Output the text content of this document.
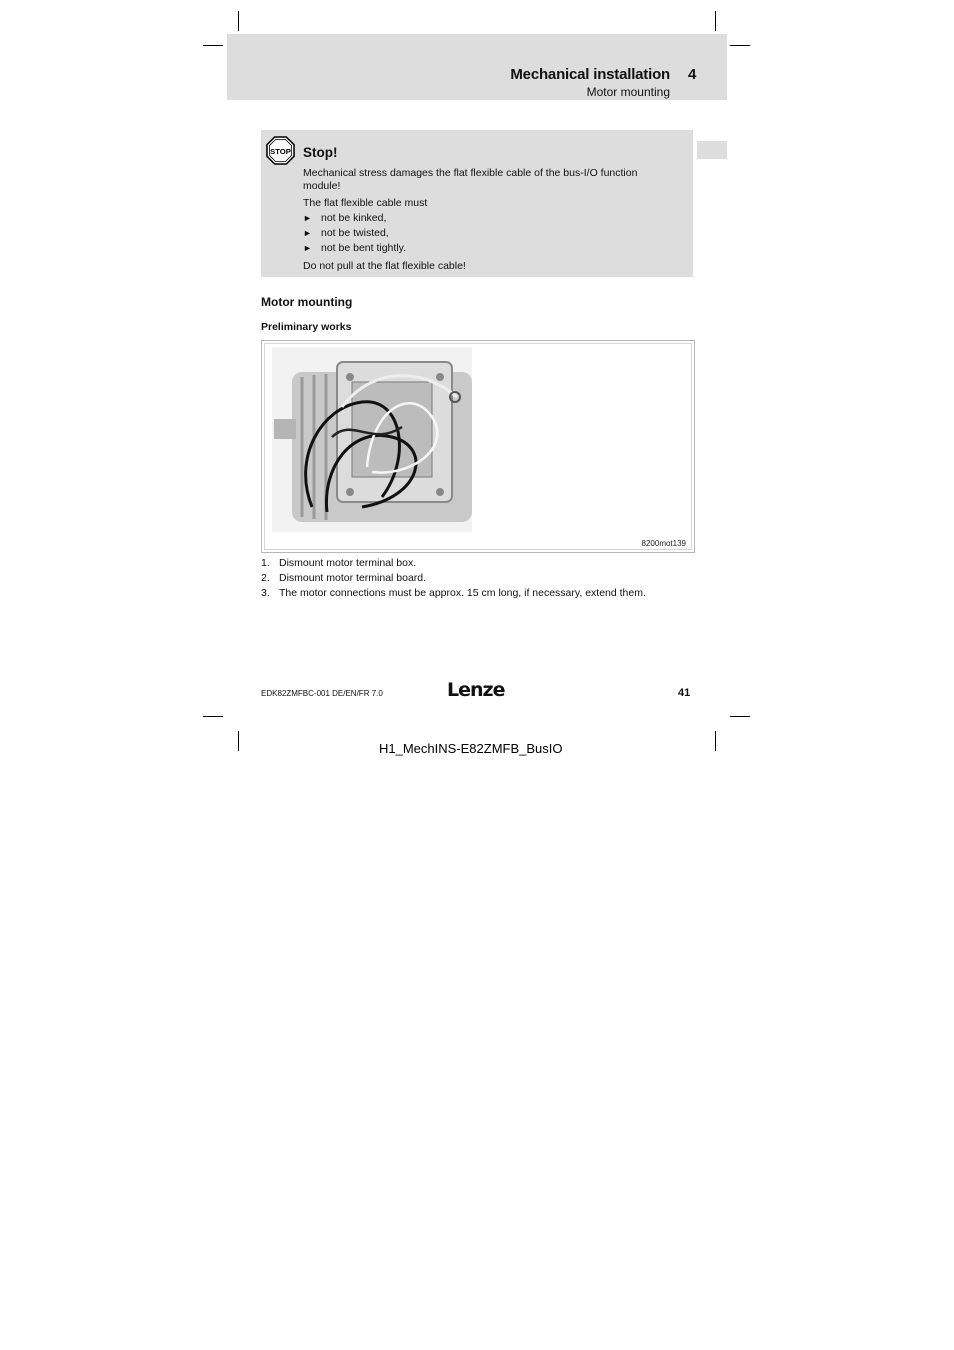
Mechanical installation 4
Motor mounting
STOP Stop!

Mechanical stress damages the flat flexible cable of the bus-I/O function module!

The flat flexible cable must

► not be kinked,
► not be twisted,
► not be bent tightly.

Do not pull at the flat flexible cable!

Motor mounting
Preliminary works
8200mot139
1. Dismount motor terminal box.
2. Dismount motor terminal board.
3. The motor connections must be approx. 15 cm long, if necessary, extend them.
EDK82ZMFBC-001 DE/EN/FR 7.0	Lenze	41
H1_MechINS-E82ZMFB_BusIO
